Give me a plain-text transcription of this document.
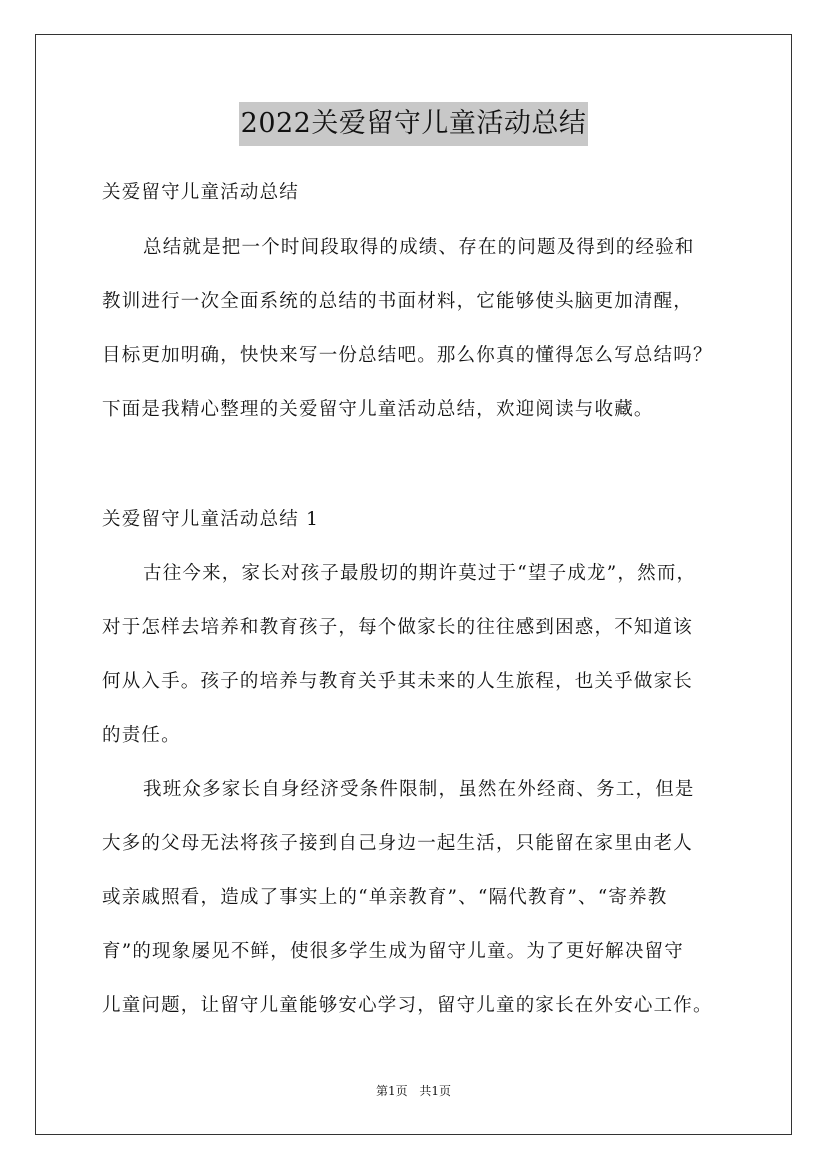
2022关爱留守儿童活动总结
关爱留守儿童活动总结
总结就是把一个时间段取得的成绩、存在的问题及得到的经验和
教训进行一次全面系统的总结的书面材料，它能够使头脑更加清醒，
目标更加明确，快快来写一份总结吧。那么你真的懂得怎么写总结吗？
下面是我精心整理的关爱留守儿童活动总结，欢迎阅读与收藏。
关爱留守儿童活动总结 1
古往今来，家长对孩子最殷切的期许莫过于“望子成龙”，然而，
对于怎样去培养和教育孩子，每个做家长的往往感到困惑，不知道该
何从入手。孩子的培养与教育关乎其未来的人生旅程，也关乎做家长
的责任。
我班众多家长自身经济受条件限制，虽然在外经商、务工，但是
大多的父母无法将孩子接到自己身边一起生活，只能留在家里由老人
或亲戚照看，造成了事实上的“单亲教育”、“隔代教育”、“寄养教
育”的现象屡见不鲜，使很多学生成为留守儿童。为了更好解决留守
儿童问题，让留守儿童能够安心学习，留守儿童的家长在外安心工作。
第1页 共1页
